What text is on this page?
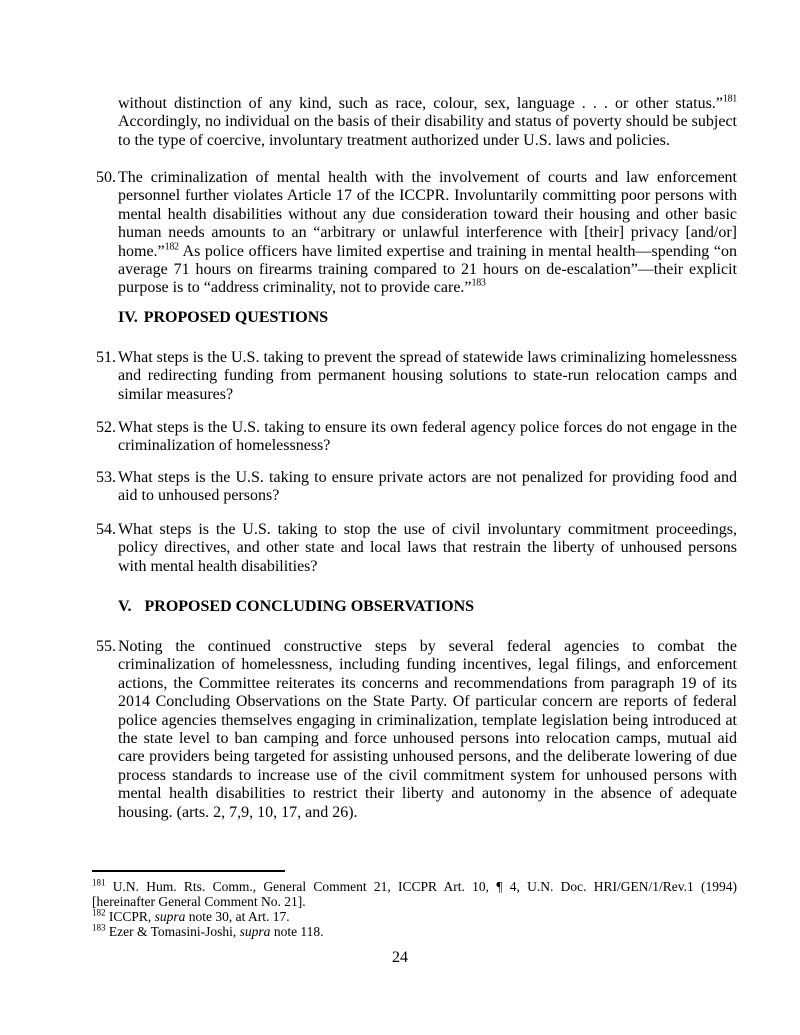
without distinction of any kind, such as race, colour, sex, language . . . or other status.”$^{181}$ Accordingly, no individual on the basis of their disability and status of poverty should be subject to the type of coercive, involuntary treatment authorized under U.S. laws and policies.

50. The criminalization of mental health with the involvement of courts and law enforcement personnel further violates Article 17 of the ICCPR. Involuntarily committing poor persons with mental health disabilities without any due consideration toward their housing and other basic human needs amounts to an “arbitrary or unlawful interference with [their] privacy [and/or] home.”$^{182}$ As police officers have limited expertise and training in mental health—spending “on average 71 hours on firearms training compared to 21 hours on de-escalation”—their explicit purpose is to “address criminality, not to provide care.”$^{183}$

IV. PROPOSED QUESTIONS

51. What steps is the U.S. taking to prevent the spread of statewide laws criminalizing homelessness and redirecting funding from permanent housing solutions to state-run relocation camps and similar measures?

52. What steps is the U.S. taking to ensure its own federal agency police forces do not engage in the criminalization of homelessness?

53. What steps is the U.S. taking to ensure private actors are not penalized for providing food and aid to unhoused persons?

54. What steps is the U.S. taking to stop the use of civil involuntary commitment proceedings, policy directives, and other state and local laws that restrain the liberty of unhoused persons with mental health disabilities?

V. PROPOSED CONCLUDING OBSERVATIONS

55. Noting the continued constructive steps by several federal agencies to combat the criminalization of homelessness, including funding incentives, legal filings, and enforcement actions, the Committee reiterates its concerns and recommendations from paragraph 19 of its 2014 Concluding Observations on the State Party. Of particular concern are reports of federal police agencies themselves engaging in criminalization, template legislation being introduced at the state level to ban camping and force unhoused persons into relocation camps, mutual aid care providers being targeted for assisting unhoused persons, and the deliberate lowering of due process standards to increase use of the civil commitment system for unhoused persons with mental health disabilities to restrict their liberty and autonomy in the absence of adequate housing. (arts. 2, 7,9, 10, 17, and 26).

$^{181}$ U.N. Hum. Rts. Comm., General Comment 21, ICCPR Art. 10, ¶ 4, U.N. Doc. HRI/GEN/1/Rev.1 (1994) [hereinafter General Comment No. 21].

$^{182}$ ICCPR, supra note 30, at Art. 17.

$^{183}$ Ezer & Tomasini-Joshi, supra note 118.

24
